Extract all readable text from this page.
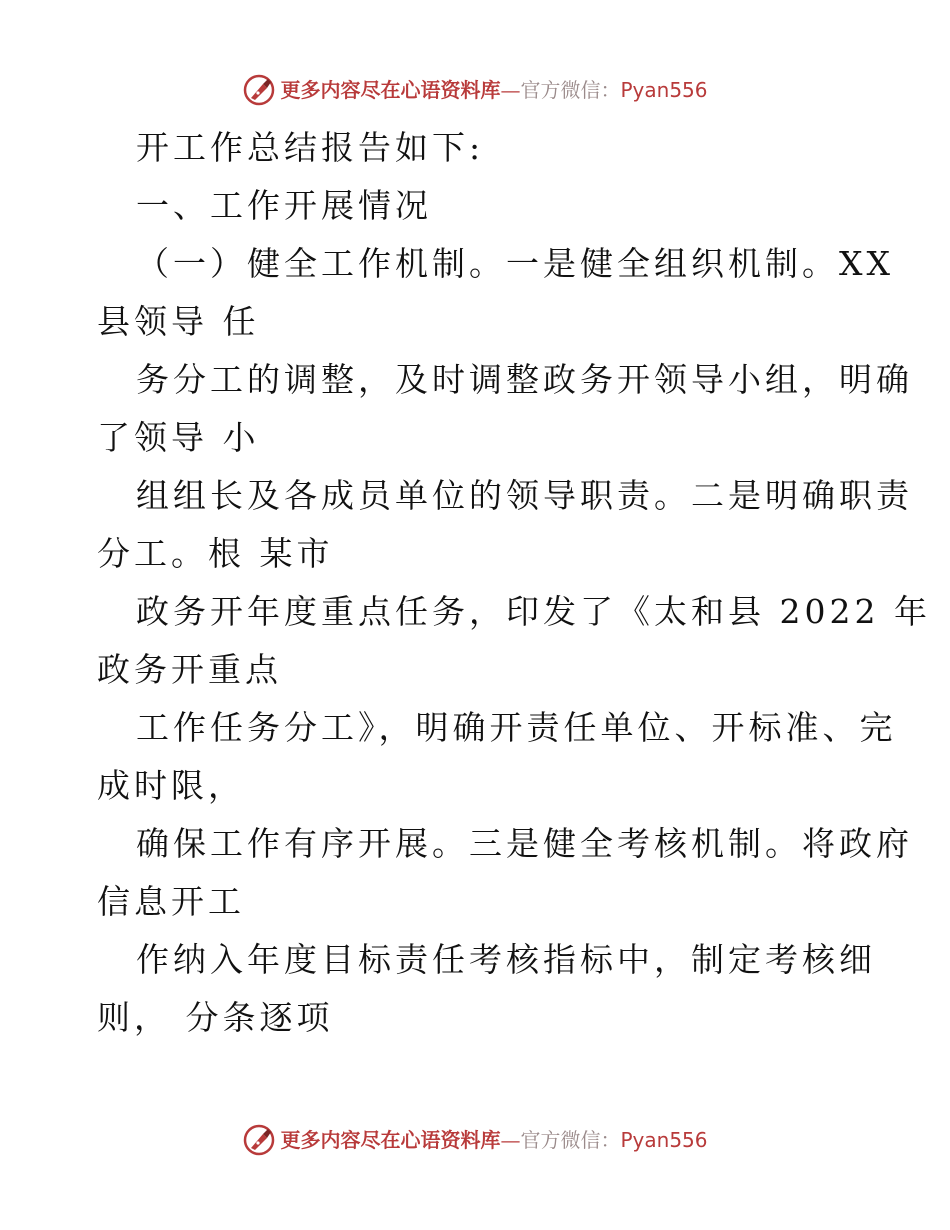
更多内容尽在心语资料库—官方微信：Pyan556
开工作总结报告如下:
一、工作开展情况
（一）健全工作机制。一是健全组织机制。XX
县领导 任
务分工的调整，及时调整政务开领导小组，明确
了领导 小
组组长及各成员单位的领导职责。二是明确职责
分工。根 某市
政务开年度重点任务，印发了《太和县 2022 年
政务开重点
工作任务分工》，明确开责任单位、开标准、完
成时限，
确保工作有序开展。三是健全考核机制。将政府
信息开工
作纳入年度目标责任考核指标中，制定考核细
则， 分条逐项
更多内容尽在心语资料库—官方微信：Pyan556
